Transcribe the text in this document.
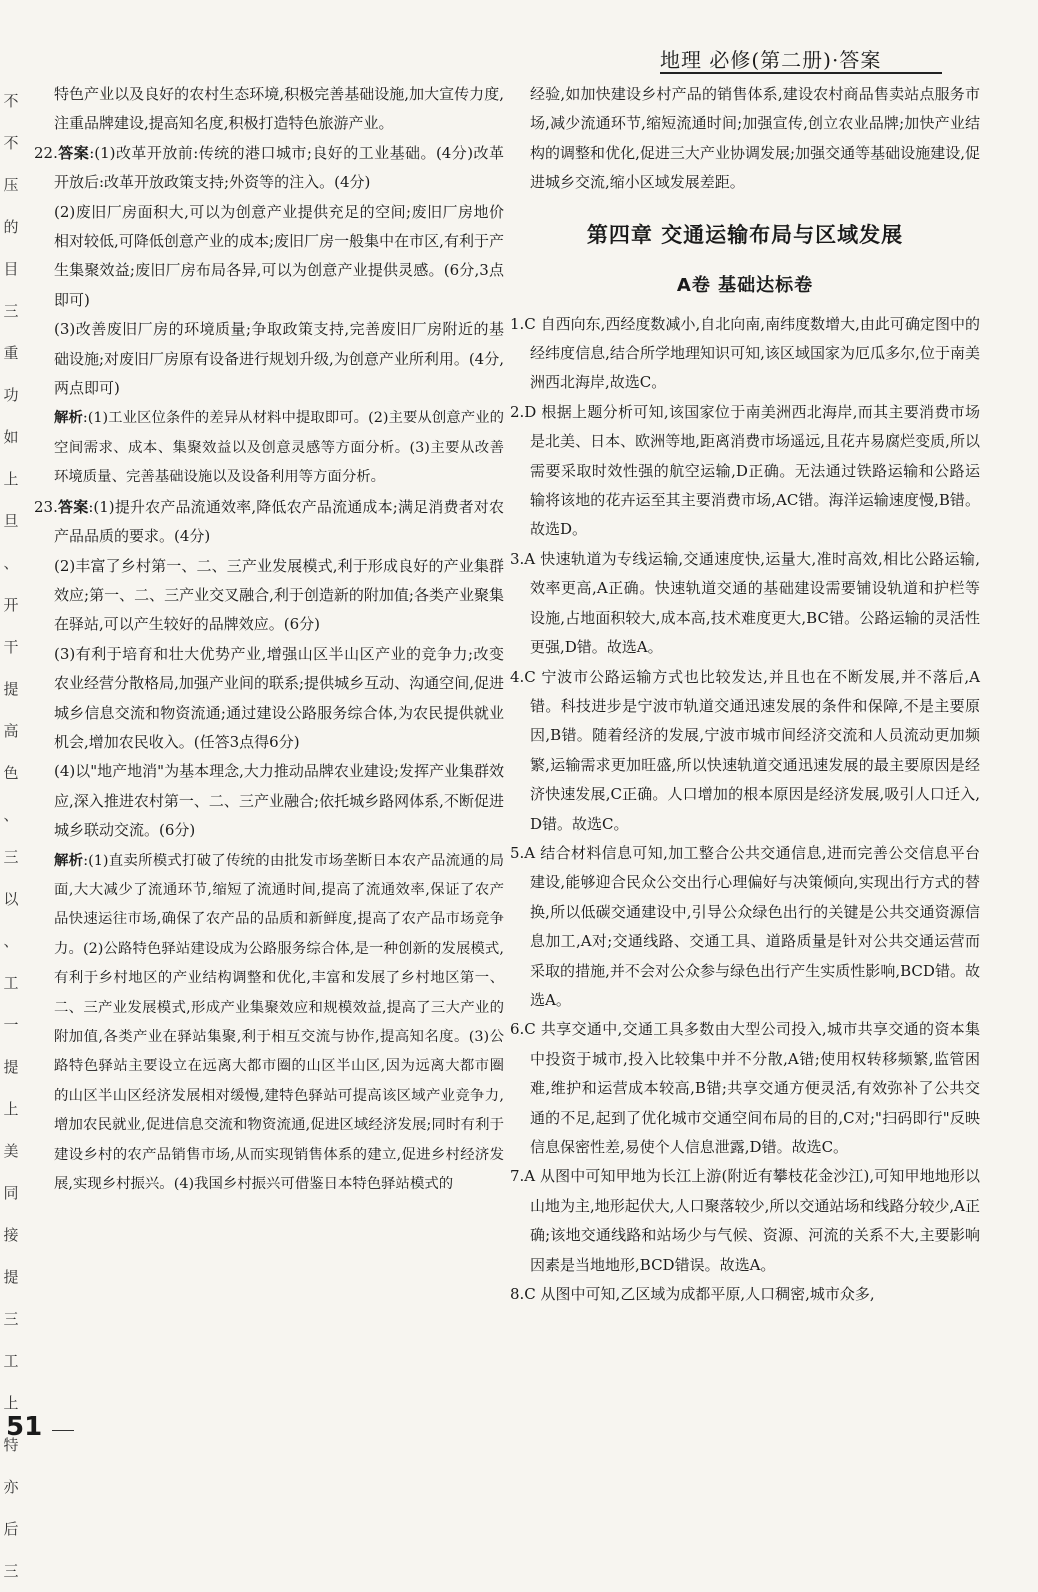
地理 必修(第二册)·答案
不
不
压
的
目
三
重
功
如
上
旦
、
开
干
提
高
色
、
三
以
、
工
一
提
上
美
同
接
提
三
工
上
特
亦
后
三

特色产业以及良好的农村生态环境,积极完善基础设施,加大宣传力度,注重品牌建设,提高知名度,积极打造特色旅游产业。

22.答案:(1)改革开放前:传统的港口城市;良好的工业基础。(4分)改革开放后:改革开放政策支持;外资等的注入。(4分)

(2)废旧厂房面积大,可以为创意产业提供充足的空间;废旧厂房地价相对较低,可降低创意产业的成本;废旧厂房一般集中在市区,有利于产生集聚效益;废旧厂房布局各异,可以为创意产业提供灵感。(6分,3点即可)

(3)改善废旧厂房的环境质量;争取政策支持,完善废旧厂房附近的基础设施;对废旧厂房原有设备进行规划升级,为创意产业所利用。(4分,两点即可)

解析:(1)工业区位条件的差异从材料中提取即可。(2)主要从创意产业的空间需求、成本、集聚效益以及创意灵感等方面分析。(3)主要从改善环境质量、完善基础设施以及设备利用等方面分析。

23.答案:(1)提升农产品流通效率,降低农产品流通成本;满足消费者对农产品品质的要求。(4分)

(2)丰富了乡村第一、二、三产业发展模式,利于形成良好的产业集群效应;第一、二、三产业交叉融合,利于创造新的附加值;各类产业聚集在驿站,可以产生较好的品牌效应。(6分)

(3)有利于培育和壮大优势产业,增强山区半山区产业的竞争力;改变农业经营分散格局,加强产业间的联系;提供城乡互动、沟通空间,促进城乡信息交流和物资流通;通过建设公路服务综合体,为农民提供就业机会,增加农民收入。(任答3点得6分)

(4)以"地产地消"为基本理念,大力推动品牌农业建设;发挥产业集群效应,深入推进农村第一、二、三产业融合;依托城乡路网体系,不断促进城乡联动交流。(6分)

解析:(1)直卖所模式打破了传统的由批发市场垄断日本农产品流通的局面,大大减少了流通环节,缩短了流通时间,提高了流通效率,保证了农产品快速运往市场,确保了农产品的品质和新鲜度,提高了农产品市场竞争力。(2)公路特色驿站建设成为公路服务综合体,是一种创新的发展模式,有利于乡村地区的产业结构调整和优化,丰富和发展了乡村地区第一、二、三产业发展模式,形成产业集聚效应和规模效益,提高了三大产业的附加值,各类产业在驿站集聚,利于相互交流与协作,提高知名度。(3)公路特色驿站主要设立在远离大都市圈的山区半山区,因为远离大都市圈的山区半山区经济发展相对缓慢,建特色驿站可提高该区域产业竞争力,增加农民就业,促进信息交流和物资流通,促进区域经济发展;同时有利于建设乡村的农产品销售市场,从而实现销售体系的建立,促进乡村经济发展,实现乡村振兴。(4)我国乡村振兴可借鉴日本特色驿站模式的

经验,如加快建设乡村产品的销售体系,建设农村商品售卖站点服务市场,减少流通环节,缩短流通时间;加强宣传,创立农业品牌;加快产业结构的调整和优化,促进三大产业协调发展;加强交通等基础设施建设,促进城乡交流,缩小区域发展差距。

第四章 交通运输布局与区域发展
A卷 基础达标卷

1.C 自西向东,西经度数减小,自北向南,南纬度数增大,由此可确定图中的经纬度信息,结合所学地理知识可知,该区域国家为厄瓜多尔,位于南美洲西北海岸,故选C。

2.D 根据上题分析可知,该国家位于南美洲西北海岸,而其主要消费市场是北美、日本、欧洲等地,距离消费市场遥远,且花卉易腐烂变质,所以需要采取时效性强的航空运输,D正确。无法通过铁路运输和公路运输将该地的花卉运至其主要消费市场,AC错。海洋运输速度慢,B错。故选D。

3.A 快速轨道为专线运输,交通速度快,运量大,准时高效,相比公路运输,效率更高,A正确。快速轨道交通的基础建设需要铺设轨道和护栏等设施,占地面积较大,成本高,技术难度更大,BC错。公路运输的灵活性更强,D错。故选A。

4.C 宁波市公路运输方式也比较发达,并且也在不断发展,并不落后,A错。科技进步是宁波市轨道交通迅速发展的条件和保障,不是主要原因,B错。随着经济的发展,宁波市城市间经济交流和人员流动更加频繁,运输需求更加旺盛,所以快速轨道交通迅速发展的最主要原因是经济快速发展,C正确。人口增加的根本原因是经济发展,吸引人口迁入,D错。故选C。

5.A 结合材料信息可知,加工整合公共交通信息,进而完善公交信息平台建设,能够迎合民众公交出行心理偏好与决策倾向,实现出行方式的替换,所以低碳交通建设中,引导公众绿色出行的关键是公共交通资源信息加工,A对;交通线路、交通工具、道路质量是针对公共交通运营而采取的措施,并不会对公众参与绿色出行产生实质性影响,BCD错。故选A。

6.C 共享交通中,交通工具多数由大型公司投入,城市共享交通的资本集中投资于城市,投入比较集中并不分散,A错;使用权转移频繁,监管困难,维护和运营成本较高,B错;共享交通方便灵活,有效弥补了公共交通的不足,起到了优化城市交通空间布局的目的,C对;"扫码即行"反映信息保密性差,易使个人信息泄露,D错。故选C。

7.A 从图中可知甲地为长江上游(附近有攀枝花金沙江),可知甲地地形以山地为主,地形起伏大,人口聚落较少,所以交通站场和线路分较少,A正确;该地交通线路和站场少与气候、资源、河流的关系不大,主要影响因素是当地地形,BCD错误。故选A。

8.C 从图中可知,乙区域为成都平原,人口稠密,城市众多,

51
